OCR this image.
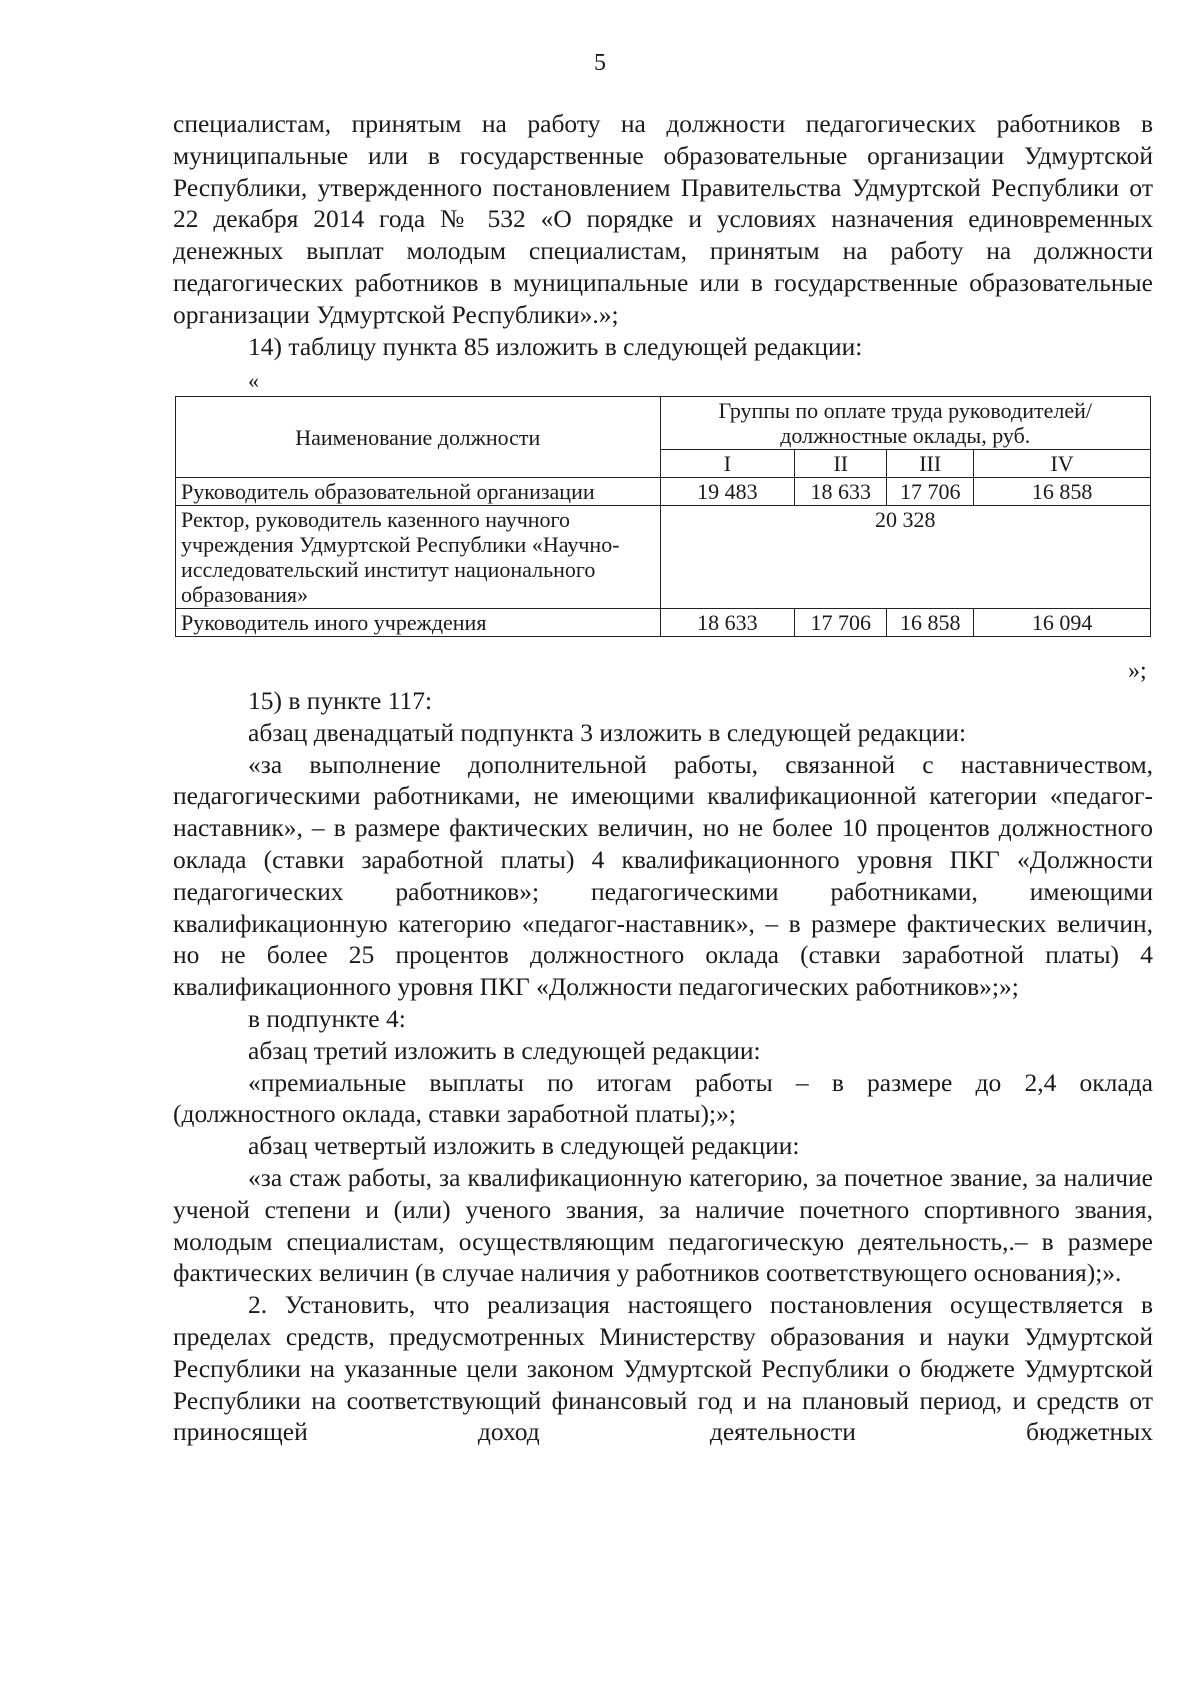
5

специалистам, принятым на работу на должности педагогических работников в муниципальные или в государственные образовательные организации Удмуртской Республики, утвержденного постановлением Правительства Удмуртской Республики от 22 декабря 2014 года № 532 «О порядке и условиях назначения единовременных денежных выплат молодым специалистам, принятым на работу на должности педагогических работников в муниципальные или в государственные образовательные организации Удмуртской Республики».»;

14) таблицу пункта 85 изложить в следующей редакции:

«
Наименование должности	Группы по оплате труда руководителей/должностные оклады, руб.			
	I	II	III	IV
Руководитель образовательной организации	19 483	18 633	17 706	16 858
Ректор, руководитель казенного научного учреждения Удмуртской Республики «Научно-исследовательский институт национального образования»	20 328			
Руководитель иного учреждения	18 633	17 706	16 858	16 094
»;

15) в пункте 117:

абзац двенадцатый подпункта 3 изложить в следующей редакции:

«за выполнение дополнительной работы, связанной с наставничеством, педагогическими работниками, не имеющими квалификационной категории «педагог-наставник», – в размере фактических величин, но не более 10 процентов должностного оклада (ставки заработной платы) 4 квалификационного уровня ПКГ «Должности педагогических работников»; педагогическими работниками, имеющими квалификационную категорию «педагог-наставник», – в размере фактических величин, но не более 25 процентов должностного оклада (ставки заработной платы) 4 квалификационного уровня ПКГ «Должности педагогических работников»;»;

в подпункте 4:

абзац третий изложить в следующей редакции:

«премиальные выплаты по итогам работы – в размере до 2,4 оклада (должностного оклада, ставки заработной платы);»;

абзац четвертый изложить в следующей редакции:

«за стаж работы, за квалификационную категорию, за почетное звание, за наличие ученой степени и (или) ученого звания, за наличие почетного спортивного звания, молодым специалистам, осуществляющим педагогическую деятельность,.– в размере фактических величин (в случае наличия у работников соответствующего основания);».

2. Установить, что реализация настоящего постановления осуществляется в пределах средств, предусмотренных Министерству образования и науки Удмуртской Республики на указанные цели законом Удмуртской Республики о бюджете Удмуртской Республики на соответствующий финансовый год и на плановый период, и средств от приносящей доход деятельности бюджетных
